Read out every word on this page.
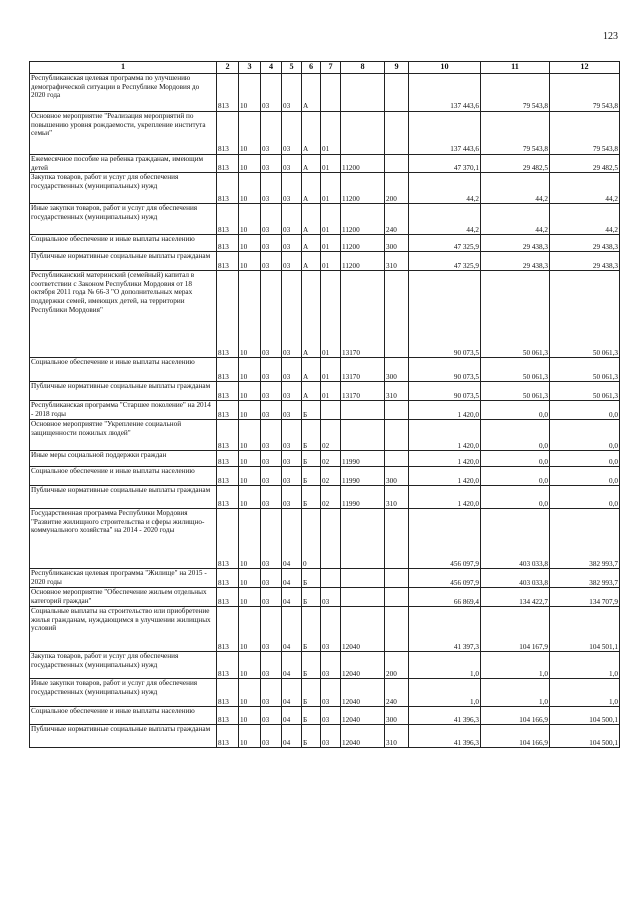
123
1	2	3	4	5	6	7	8	9	10	11	12
Республиканская целевая программа по улучшению демографической ситуации в Республике Мордовия до 2020 года	813	10	03	03	А				137 443,6	79 543,8	79 543,8
Основное мероприятие "Реализация мероприятий по повышению уровня рождаемости, укрепление института семьи"	813	10	03	03	А	01			137 443,6	79 543,8	79 543,8
Ежемесячное пособие на ребенка гражданам, имеющим детей	813	10	03	03	А	01	11200		47 370,1	29 482,5	29 482,5
Закупка товаров, работ и услуг для обеспечения государственных (муниципальных) нужд	813	10	03	03	А	01	11200	200	44,2	44,2	44,2
Иные закупки товаров, работ и услуг для обеспечения государственных (муниципальных) нужд	813	10	03	03	А	01	11200	240	44,2	44,2	44,2
Социальное обеспечение и иные выплаты населению	813	10	03	03	А	01	11200	300	47 325,9	29 438,3	29 438,3
Публичные нормативные социальные выплаты гражданам	813	10	03	03	А	01	11200	310	47 325,9	29 438,3	29 438,3
Республиканский материнский (семейный) капитал в соответствии с Законом Республики Мордовия от 18 октября 2011 года № 66-З "О дополнительных мерах поддержки семей, имеющих детей, на территории Республики Мордовия"	813	10	03	03	А	01	13170		90 073,5	50 061,3	50 061,3
Социальное обеспечение и иные выплаты населению	813	10	03	03	А	01	13170	300	90 073,5	50 061,3	50 061,3
Публичные нормативные социальные выплаты гражданам	813	10	03	03	А	01	13170	310	90 073,5	50 061,3	50 061,3
Республиканская программа "Старшее поколение" на 2014 - 2018 годы	813	10	03	03	Б				1 420,0	0,0	0,0
Основное мероприятие "Укрепление социальной защищенности пожилых людей"	813	10	03	03	Б	02			1 420,0	0,0	0,0
Иные меры социальной поддержки граждан	813	10	03	03	Б	02	11990		1 420,0	0,0	0,0
Социальное обеспечение и иные выплаты населению	813	10	03	03	Б	02	11990	300	1 420,0	0,0	0,0
Публичные нормативные социальные выплаты гражданам	813	10	03	03	Б	02	11990	310	1 420,0	0,0	0,0
Государственная программа Республики Мордовия "Развитие жилищного строительства и сферы жилищно-коммунального хозяйства" на 2014 - 2020 годы	813	10	03	04	0				456 097,9	403 033,8	382 993,7
Республиканская целевая программа "Жилище" на 2015 - 2020 годы	813	10	03	04	Б				456 097,9	403 033,8	382 993,7
Основное мероприятие "Обеспечение жильем отдельных категорий граждан"	813	10	03	04	Б	03			66 869,4	134 422,7	134 707,9
Социальные выплаты на строительство или приобретение жилья гражданам, нуждающимся в улучшении жилищных условий	813	10	03	04	Б	03	12040		41 397,3	104 167,9	104 501,1
Закупка товаров, работ и услуг для обеспечения государственных (муниципальных) нужд	813	10	03	04	Б	03	12040	200	1,0	1,0	1,0
Иные закупки товаров, работ и услуг для обеспечения государственных (муниципальных) нужд	813	10	03	04	Б	03	12040	240	1,0	1,0	1,0
Социальное обеспечение и иные выплаты населению	813	10	03	04	Б	03	12040	300	41 396,3	104 166,9	104 500,1
Публичные нормативные социальные выплаты гражданам	813	10	03	04	Б	03	12040	310	41 396,3	104 166,9	104 500,1
